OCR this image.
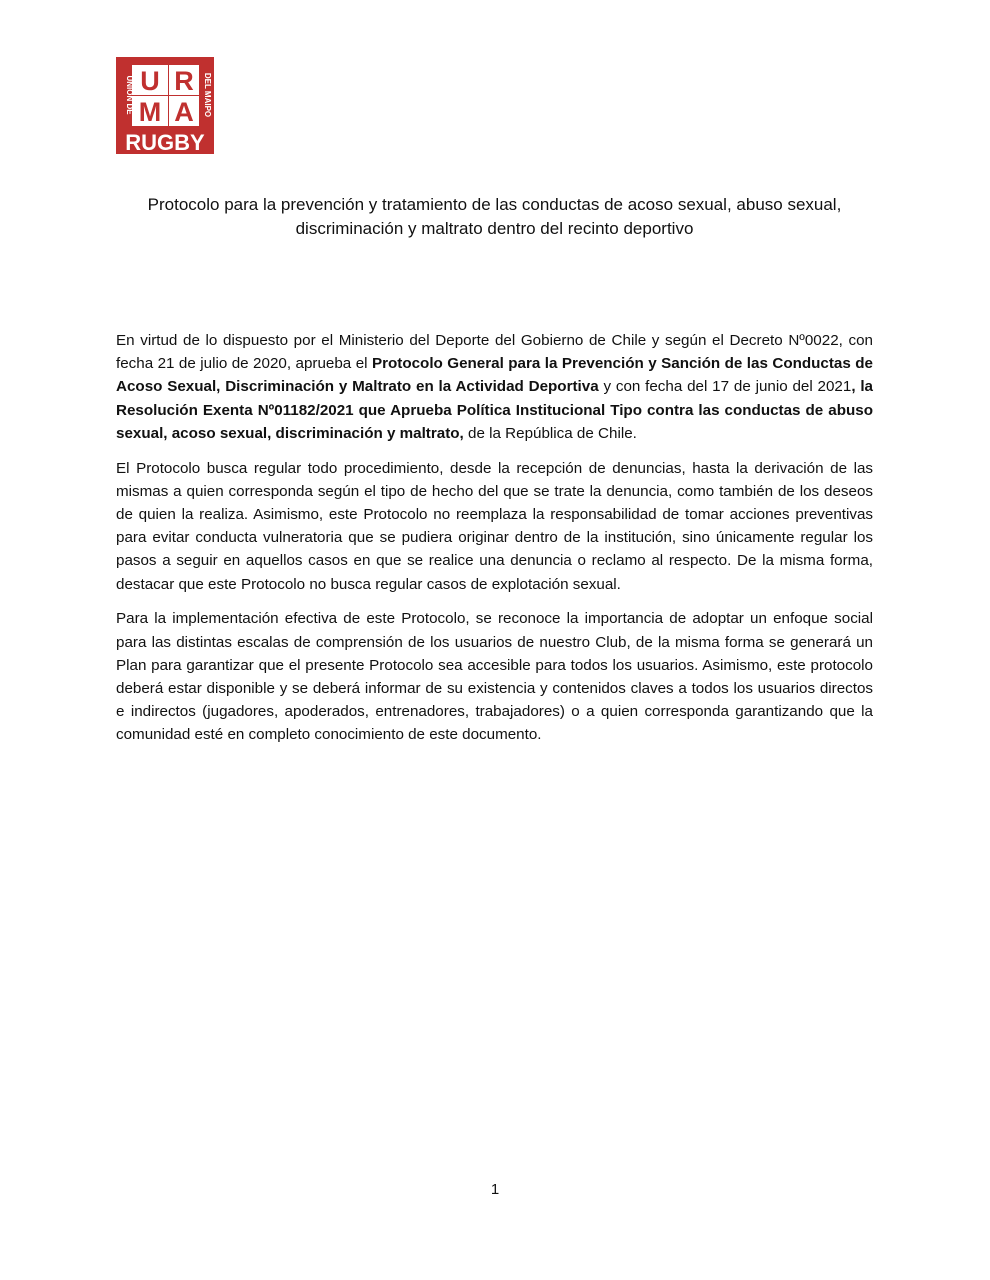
U R
M A
UNION DE	DEL MAIPO
RUGBY
Protocolo para la prevención y tratamiento de las conductas de acoso sexual, abuso sexual,
discriminación y maltrato dentro del recinto deportivo

En virtud de lo dispuesto por el Ministerio del Deporte del Gobierno de Chile y según el Decreto Nº0022, con fecha 21 de julio de 2020, aprueba el Protocolo General para la Prevención y Sanción de las Conductas de Acoso Sexual, Discriminación y Maltrato en la Actividad Deportiva y con fecha del 17 de junio del 2021, la Resolución Exenta Nº01182/2021 que Aprueba Política Institucional Tipo contra las conductas de abuso sexual, acoso sexual, discriminación y maltrato, de la República de Chile.

El Protocolo busca regular todo procedimiento, desde la recepción de denuncias, hasta la derivación de las mismas a quien corresponda según el tipo de hecho del que se trate la denuncia, como también de los deseos de quien la realiza. Asimismo, este Protocolo no reemplaza la responsabilidad de tomar acciones preventivas para evitar conducta vulneratoria que se pudiera originar dentro de la institución, sino únicamente regular los pasos a seguir en aquellos casos en que se realice una denuncia o reclamo al respecto. De la misma forma, destacar que este Protocolo no busca regular casos de explotación sexual.

Para la implementación efectiva de este Protocolo, se reconoce la importancia de adoptar un enfoque social para las distintas escalas de comprensión de los usuarios de nuestro Club, de la misma forma se generará un Plan para garantizar que el presente Protocolo sea accesible para todos los usuarios. Asimismo, este protocolo deberá estar disponible y se deberá informar de su existencia y contenidos claves a todos los usuarios directos e indirectos (jugadores, apoderados, entrenadores, trabajadores) o a quien corresponda garantizando que la comunidad esté en completo conocimiento de este documento.

1
